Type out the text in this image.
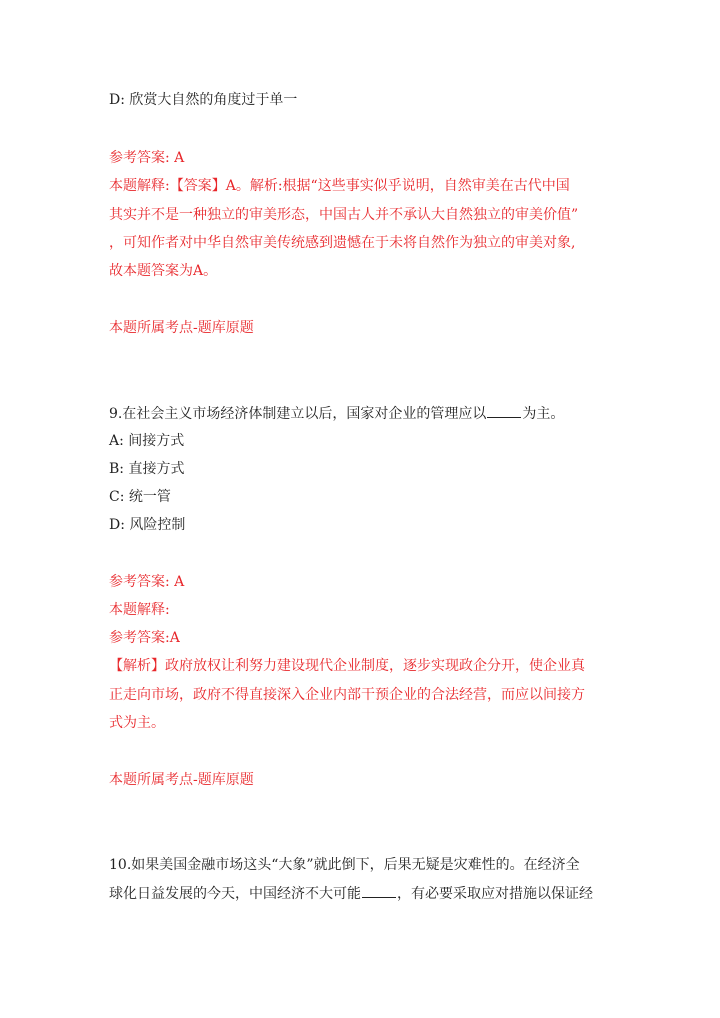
D: 欣赏大自然的角度过于单一
参考答案: A
本题解释:【答案】A。解析:根据“这些事实似乎说明，自然审美在古代中国
其实并不是一种独立的审美形态，中国古人并不承认大自然独立的审美价值”
，可知作者对中华自然审美传统感到遗憾在于未将自然作为独立的审美对象,
故本题答案为A。
本题所属考点-题库原题
9.在社会主义市场经济体制建立以后，国家对企业的管理应以	为主。
A: 间接方式
B: 直接方式
C: 统一管
D: 风险控制
参考答案: A
本题解释:
参考答案:A
【解析】政府放权让利努力建设现代企业制度，逐步实现政企分开，使企业真
正走向市场，政府不得直接深入企业内部干预企业的合法经营，而应以间接方
式为主。
本题所属考点-题库原题
10.如果美国金融市场这头“大象”就此倒下，后果无疑是灾难性的。在经济全
球化日益发展的今天，中国经济不大可能	，有必要采取应对措施以保证经
